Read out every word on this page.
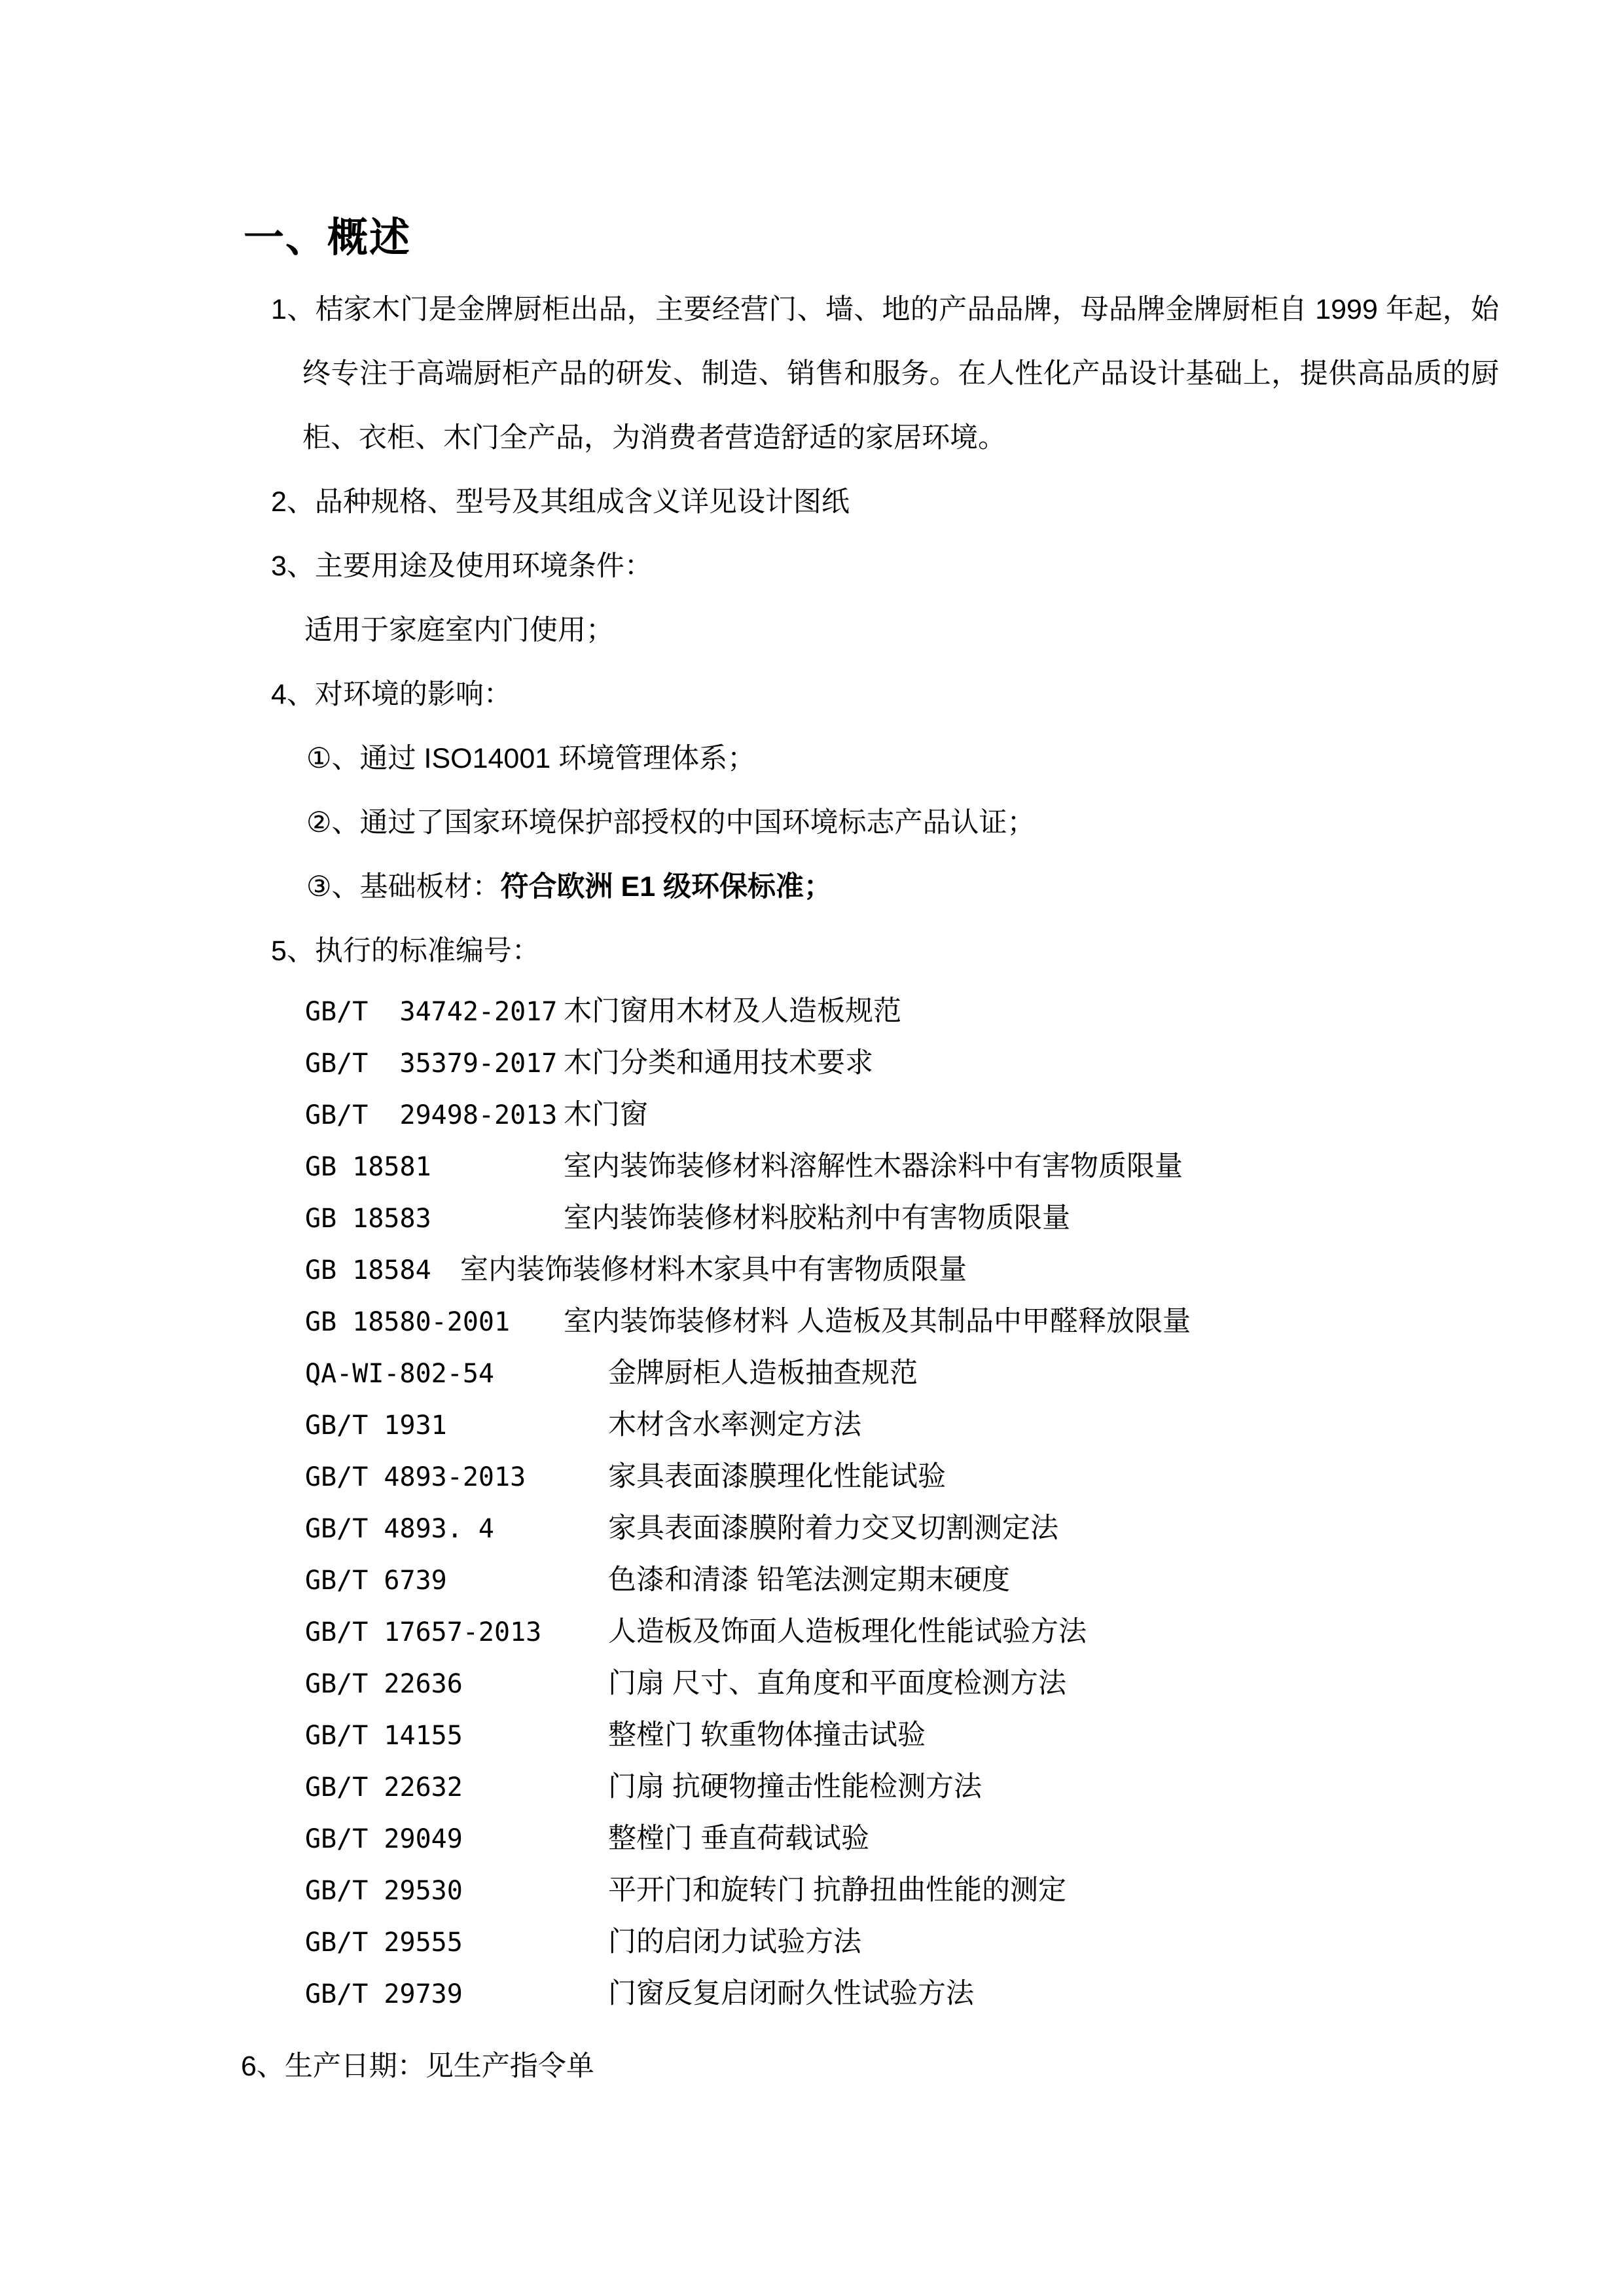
一、概述
1、桔家木门是金牌厨柜出品，主要经营门、墙、地的产品品牌，母品牌金牌厨柜自 1999 年起，始
终专注于高端厨柜产品的研发、制造、销售和服务。在人性化产品设计基础上，提供高品质的厨
柜、衣柜、木门全产品，为消费者营造舒适的家居环境。
2、品种规格、型号及其组成含义详见设计图纸
3、主要用途及使用环境条件：
适用于家庭室内门使用；
4、对环境的影响：
①、通过 ISO14001 环境管理体系；
②、通过了国家环境保护部授权的中国环境标志产品认证；
③、基础板材：符合欧洲 E1 级环保标准；
5、执行的标准编号：
GB/T  34742-2017 木门窗用木材及人造板规范
GB/T  35379-2017 木门分类和通用技术要求
GB/T  29498-2013 木门窗
GB 18581	室内装饰装修材料溶解性木器涂料中有害物质限量
GB 18583	室内装饰装修材料胶粘剂中有害物质限量
GB 18584	室内装饰装修材料木家具中有害物质限量
GB 18580-2001	室内装饰装修材料 人造板及其制品中甲醛释放限量
QA-WI-802-54	金牌厨柜人造板抽查规范
GB/T 1931	木材含水率测定方法
GB/T 4893-2013	家具表面漆膜理化性能试验
GB/T 4893. 4	家具表面漆膜附着力交叉切割测定法
GB/T 6739	色漆和清漆 铅笔法测定期末硬度
GB/T 17657-2013	人造板及饰面人造板理化性能试验方法
GB/T 22636	门扇 尺寸、直角度和平面度检测方法
GB/T 14155	整樘门 软重物体撞击试验
GB/T 22632	门扇 抗硬物撞击性能检测方法
GB/T 29049	整樘门 垂直荷载试验
GB/T 29530	平开门和旋转门 抗静扭曲性能的测定
GB/T 29555	门的启闭力试验方法
GB/T 29739	门窗反复启闭耐久性试验方法
6、生产日期：见生产指令单
